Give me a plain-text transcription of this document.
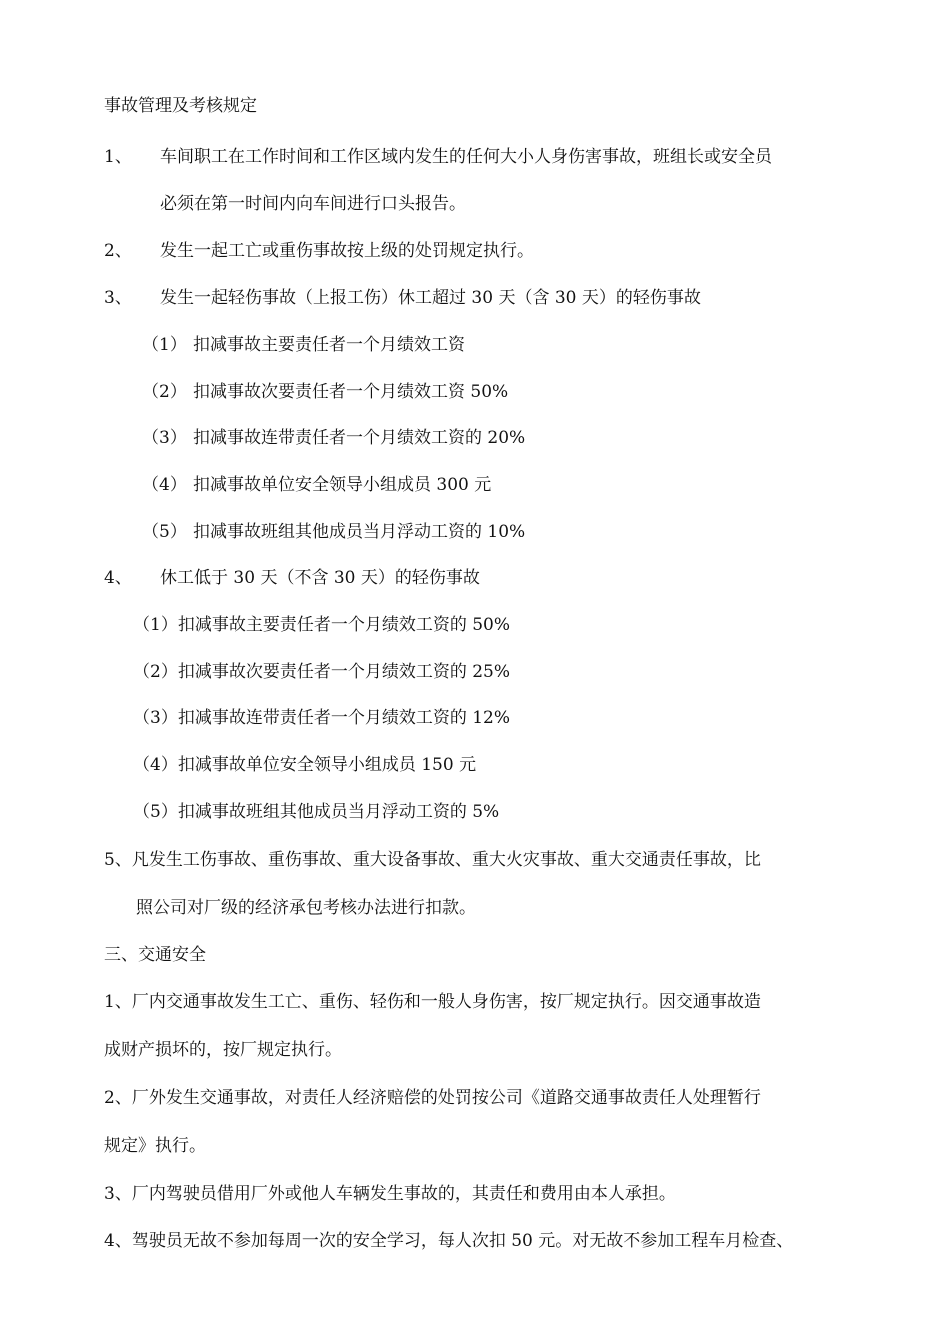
事故管理及考核规定
1、 车间职工在工作时间和工作区域内发生的任何大小人身伤害事故，班组长或安全员
必须在第一时间内向车间进行口头报告。
2、 发生一起工亡或重伤事故按上级的处罚规定执行。
3、 发生一起轻伤事故（上报工伤）休工超过 30 天（含 30 天）的轻伤事故
（1） 扣减事故主要责任者一个月绩效工资
（2） 扣减事故次要责任者一个月绩效工资 50%
（3） 扣减事故连带责任者一个月绩效工资的 20%
（4） 扣减事故单位安全领导小组成员 300 元
（5） 扣减事故班组其他成员当月浮动工资的 10%
4、 休工低于 30 天（不含 30 天）的轻伤事故
（1）扣减事故主要责任者一个月绩效工资的 50%
（2）扣减事故次要责任者一个月绩效工资的 25%
（3）扣减事故连带责任者一个月绩效工资的 12%
（4）扣减事故单位安全领导小组成员 150 元
（5）扣减事故班组其他成员当月浮动工资的 5%
5、凡发生工伤事故、重伤事故、重大设备事故、重大火灾事故、重大交通责任事故，比
照公司对厂级的经济承包考核办法进行扣款。
三、交通安全
1、厂内交通事故发生工亡、重伤、轻伤和一般人身伤害，按厂规定执行。因交通事故造
成财产损坏的，按厂规定执行。
2、厂外发生交通事故，对责任人经济赔偿的处罚按公司《道路交通事故责任人处理暂行
规定》执行。
3、厂内驾驶员借用厂外或他人车辆发生事故的，其责任和费用由本人承担。
4、驾驶员无故不参加每周一次的安全学习，每人次扣 50 元。对无故不参加工程车月检查、
